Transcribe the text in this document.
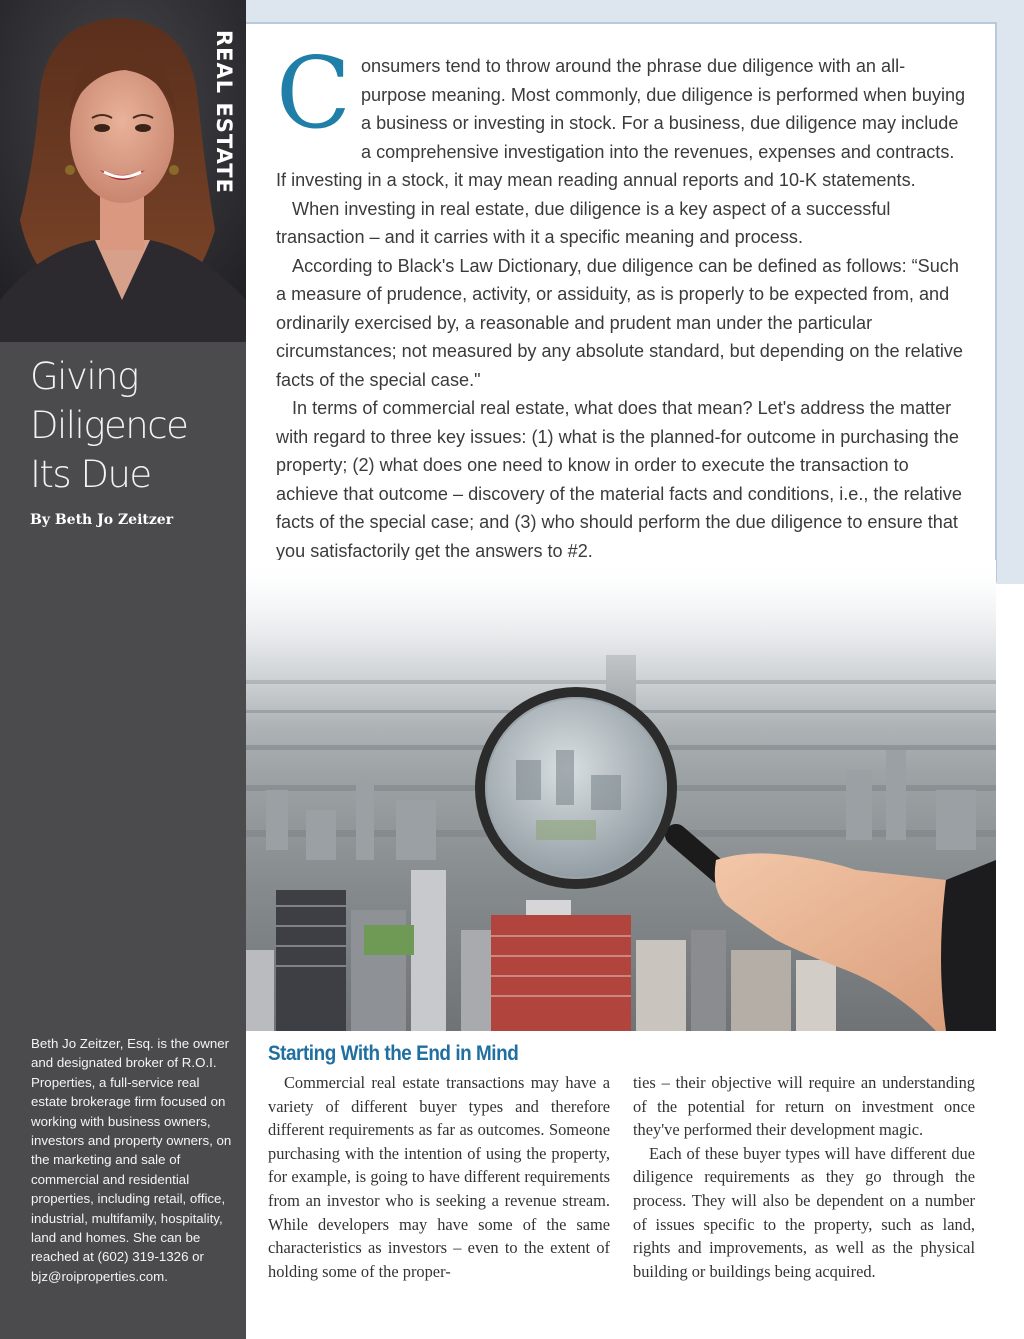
REAL ESTATE
Giving
Diligence
Its Due
By Beth Jo Zeitzer
Beth Jo Zeitzer, Esq. is the owner and designated broker of R.O.I. Properties, a full-service real estate brokerage firm focused on working with business owners, investors and property owners, on the marketing and sale of commercial and residential properties, including retail, office, industrial, multifamily, hospitality, land and homes. She can be reached at (602) 319-1326 or bjz@roiproperties.com.

Consumers tend to throw around the phrase due diligence with an all-purpose meaning. Most commonly, due diligence is performed when buying a business or investing in stock. For a business, due diligence may include a comprehensive investigation into the revenues, expenses and contracts. If investing in a stock, it may mean reading annual reports and 10-K statements.

When investing in real estate, due diligence is a key aspect of a successful transaction – and it carries with it a specific meaning and process.

According to Black's Law Dictionary, due diligence can be defined as follows: “Such a measure of prudence, activity, or assiduity, as is properly to be expected from, and ordinarily exercised by, a reasonable and prudent man under the particular circumstances; not measured by any absolute standard, but depending on the relative facts of the special case."

In terms of commercial real estate, what does that mean? Let's address the matter with regard to three key issues: (1) what is the planned-for outcome in purchasing the property; (2) what does one need to know in order to execute the transaction to achieve that outcome – discovery of the material facts and conditions, i.e., the relative facts of the special case; and (3) who should perform the due diligence to ensure that you satisfactorily get the answers to #2.

Starting With the End in Mind

Commercial real estate transactions may have a variety of different buyer types and therefore different requirements as far as outcomes. Someone purchasing with the intention of using the property, for example, is going to have different requirements from an investor who is seeking a revenue stream. While developers may have some of the same characteristics as investors – even to the extent of holding some of the proper-

ties – their objective will require an understanding of the potential for return on investment once they've performed their development magic.

Each of these buyer types will have different due diligence requirements as they go through the process. They will also be dependent on a number of issues specific to the property, such as land, rights and improvements, as well as the physical building or buildings being acquired.
